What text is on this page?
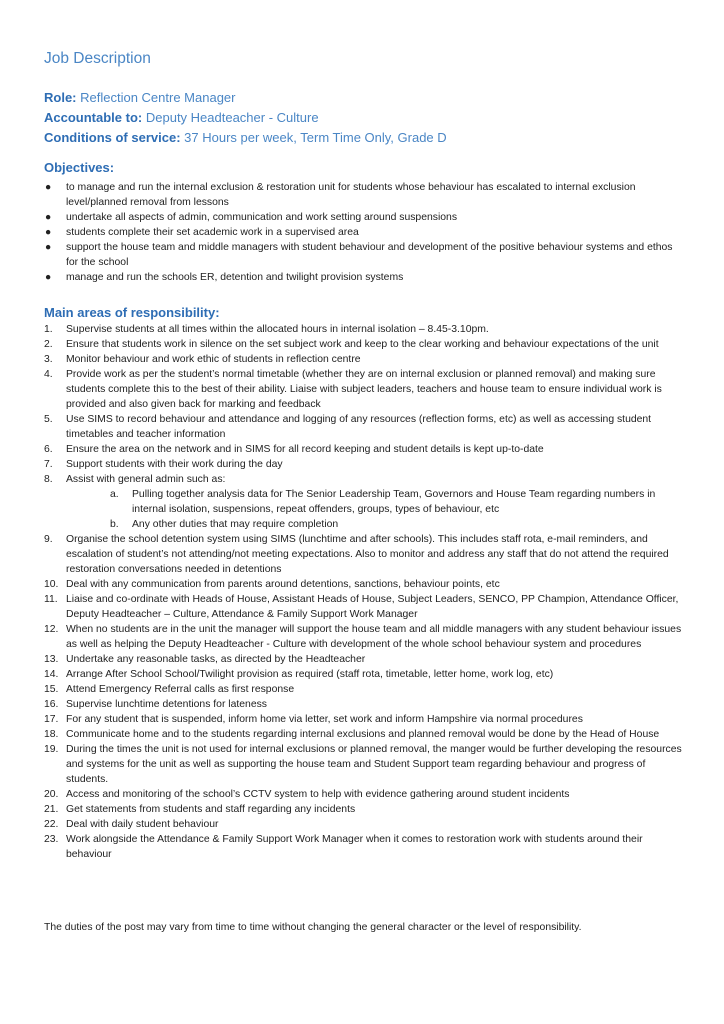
Job Description
Role: Reflection Centre Manager
Accountable to: Deputy Headteacher - Culture
Conditions of service: 37 Hours per week, Term Time Only, Grade D
Objectives:
● to manage and run the internal exclusion & restoration unit for students whose behaviour has escalated to internal exclusion level/planned removal from lessons
● undertake all aspects of admin, communication and work setting around suspensions
● students complete their set academic work in a supervised area
● support the house team and middle managers with student behaviour and development of the positive behaviour systems and ethos for the school
● manage and run the schools ER, detention and twilight provision systems
Main areas of responsibility:
1. Supervise students at all times within the allocated hours in internal isolation – 8.45-3.10pm.
2. Ensure that students work in silence on the set subject work and keep to the clear working and behaviour expectations of the unit
3. Monitor behaviour and work ethic of students in reflection centre
4. Provide work as per the student’s normal timetable (whether they are on internal exclusion or planned removal) and making sure students complete this to the best of their ability. Liaise with subject leaders, teachers and house team to ensure individual work is provided and also given back for marking and feedback
5. Use SIMS to record behaviour and attendance and logging of any resources (reflection forms, etc) as well as accessing student timetables and teacher information
6. Ensure the area on the network and in SIMS for all record keeping and student details is kept up-to-date
7. Support students with their work during the day
8. Assist with general admin such as:
a. Pulling together analysis data for The Senior Leadership Team, Governors and House Team regarding numbers in internal isolation, suspensions, repeat offenders, groups, types of behaviour, etc
b. Any other duties that may require completion
9. Organise the school detention system using SIMS (lunchtime and after schools). This includes staff rota, e-mail reminders, and escalation of student’s not attending/not meeting expectations. Also to monitor and address any staff that do not attend the required restoration conversations needed in detentions
10. Deal with any communication from parents around detentions, sanctions, behaviour points, etc
11. Liaise and co-ordinate with Heads of House, Assistant Heads of House, Subject Leaders, SENCO, PP Champion, Attendance Officer, Deputy Headteacher – Culture, Attendance & Family Support Work Manager
12. When no students are in the unit the manager will support the house team and all middle managers with any student behaviour issues as well as helping the Deputy Headteacher - Culture with development of the whole school behaviour system and procedures
13. Undertake any reasonable tasks, as directed by the Headteacher
14. Arrange After School School/Twilight provision as required (staff rota, timetable, letter home, work log, etc)
15. Attend Emergency Referral calls as first response
16. Supervise lunchtime detentions for lateness
17. For any student that is suspended, inform home via letter, set work and inform Hampshire via normal procedures
18. Communicate home and to the students regarding internal exclusions and planned removal would be done by the Head of House
19. During the times the unit is not used for internal exclusions or planned removal, the manger would be further developing the resources and systems for the unit as well as supporting the house team and Student Support team regarding behaviour and progress of students.
20. Access and monitoring of the school’s CCTV system to help with evidence gathering around student incidents
21. Get statements from students and staff regarding any incidents
22. Deal with daily student behaviour
23. Work alongside the Attendance & Family Support Work Manager when it comes to restoration work with students around their behaviour
The duties of the post may vary from time to time without changing the general character or the level of responsibility.
